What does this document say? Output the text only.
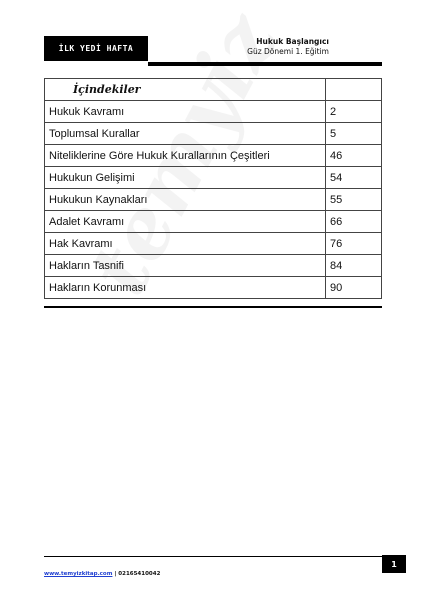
İLK YEDİ HAFTA
Hukuk Başlangıcı
Güz Dönemi 1. Eğitim
İçindekiler	
Hukuk Kavramı	2
Toplumsal Kurallar	5
Niteliklerine Göre Hukuk Kurallarının Çeşitleri	46
Hukukun Gelişimi	54
Hukukun Kaynakları	55
Adalet Kavramı	66
Hak Kavramı	76
Hakların Tasnifi	84
Hakların Korunması	90
1
www.temyizkitap.com | 02165410042
